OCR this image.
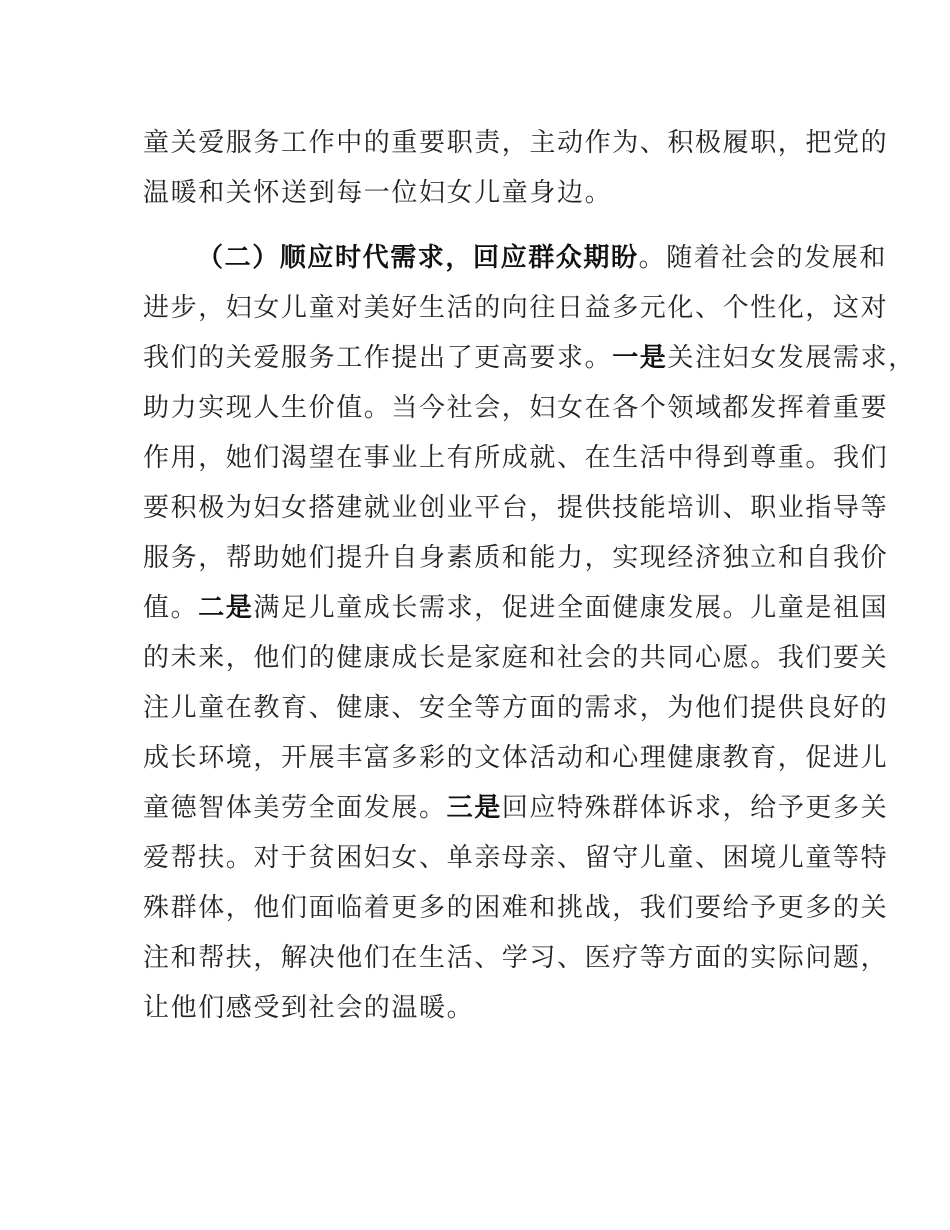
童关爱服务工作中的重要职责，主动作为、积极履职，把党的
温暖和关怀送到每一位妇女儿童身边。
（二）顺应时代需求，回应群众期盼。随着社会的发展和
进步，妇女儿童对美好生活的向往日益多元化、个性化，这对
我们的关爱服务工作提出了更高要求。一是关注妇女发展需求，
助力实现人生价值。当今社会，妇女在各个领域都发挥着重要
作用，她们渴望在事业上有所成就、在生活中得到尊重。我们
要积极为妇女搭建就业创业平台，提供技能培训、职业指导等
服务，帮助她们提升自身素质和能力，实现经济独立和自我价
值。二是满足儿童成长需求，促进全面健康发展。儿童是祖国
的未来，他们的健康成长是家庭和社会的共同心愿。我们要关
注儿童在教育、健康、安全等方面的需求，为他们提供良好的
成长环境，开展丰富多彩的文体活动和心理健康教育，促进儿
童德智体美劳全面发展。三是回应特殊群体诉求，给予更多关
爱帮扶。对于贫困妇女、单亲母亲、留守儿童、困境儿童等特
殊群体，他们面临着更多的困难和挑战，我们要给予更多的关
注和帮扶，解决他们在生活、学习、医疗等方面的实际问题，
让他们感受到社会的温暖。
